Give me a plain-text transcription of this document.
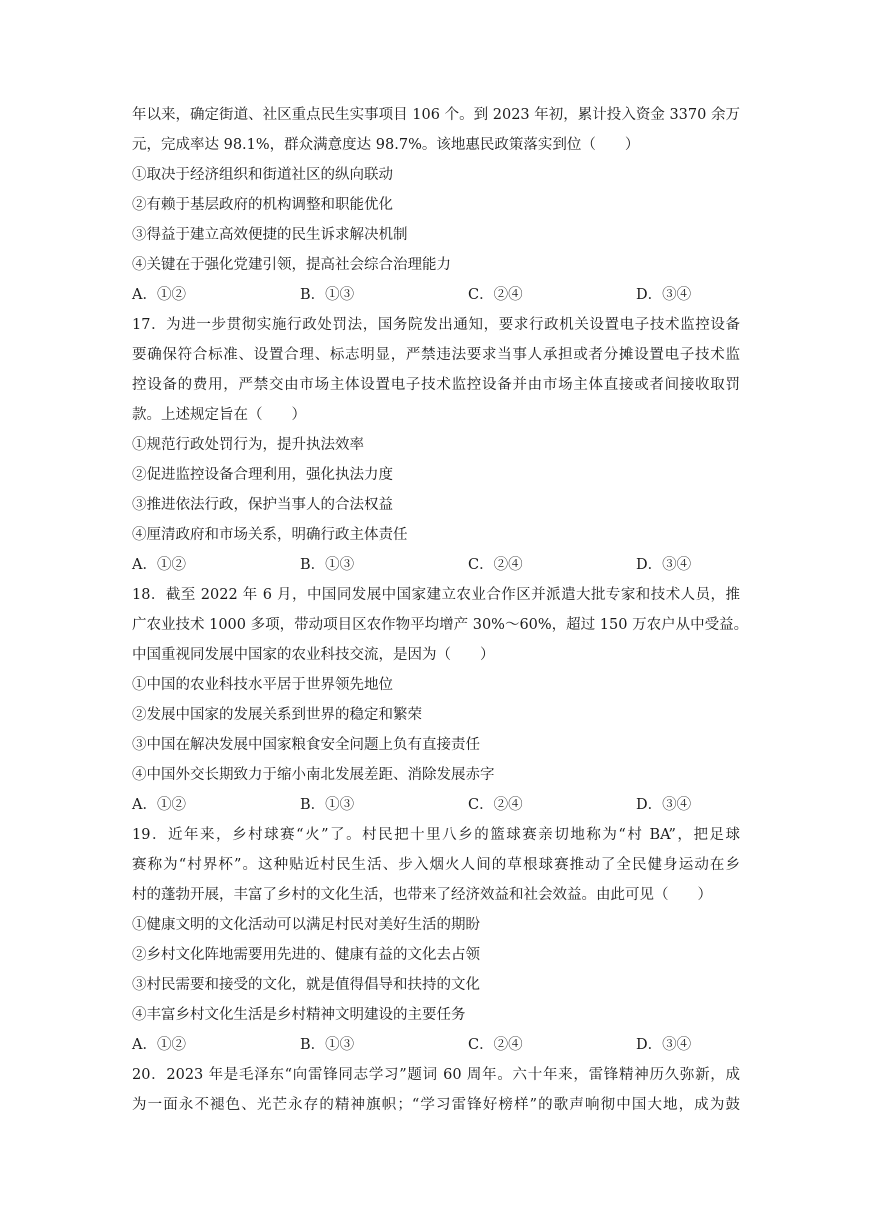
年以来，确定街道、社区重点民生实事项目 106 个。到 2023 年初，累计投入资金 3370 余万
元，完成率达 98.1%，群众满意度达 98.7%。该地惠民政策落实到位（　　）
①取决于经济组织和街道社区的纵向联动
②有赖于基层政府的机构调整和职能优化
③得益于建立高效便捷的民生诉求解决机制
④关键在于强化党建引领，提高社会综合治理能力
A．①②	B．①③	C．②④	D．③④
17．为进一步贯彻实施行政处罚法，国务院发出通知，要求行政机关设置电子技术监控设备
要确保符合标准、设置合理、标志明显，严禁违法要求当事人承担或者分摊设置电子技术监
控设备的费用，严禁交由市场主体设置电子技术监控设备并由市场主体直接或者间接收取罚
款。上述规定旨在（　　）
①规范行政处罚行为，提升执法效率
②促进监控设备合理利用，强化执法力度
③推进依法行政，保护当事人的合法权益
④厘清政府和市场关系，明确行政主体责任
A．①②	B．①③	C．②④	D．③④
18．截至 2022 年 6 月，中国同发展中国家建立农业合作区并派遣大批专家和技术人员，推
广农业技术 1000 多项，带动项目区农作物平均增产 30%～60%，超过 150 万农户从中受益。
中国重视同发展中国家的农业科技交流，是因为（　　）
①中国的农业科技水平居于世界领先地位
②发展中国家的发展关系到世界的稳定和繁荣
③中国在解决发展中国家粮食安全问题上负有直接责任
④中国外交长期致力于缩小南北发展差距、消除发展赤字
A．①②	B．①③	C．②④	D．③④
19．近年来，乡村球赛“火”了。村民把十里八乡的篮球赛亲切地称为“村 BA”，把足球
赛称为“村界杯”。这种贴近村民生活、步入烟火人间的草根球赛推动了全民健身运动在乡
村的蓬勃开展，丰富了乡村的文化生活，也带来了经济效益和社会效益。由此可见（　　）
①健康文明的文化活动可以满足村民对美好生活的期盼
②乡村文化阵地需要用先进的、健康有益的文化去占领
③村民需要和接受的文化，就是值得倡导和扶持的文化
④丰富乡村文化生活是乡村精神文明建设的主要任务
A．①②	B．①③	C．②④	D．③④
20．2023 年是毛泽东“向雷锋同志学习”题词 60 周年。六十年来，雷锋精神历久弥新，成
为一面永不褪色、光芒永存的精神旗帜；“学习雷锋好榜样”的歌声响彻中国大地，成为鼓
